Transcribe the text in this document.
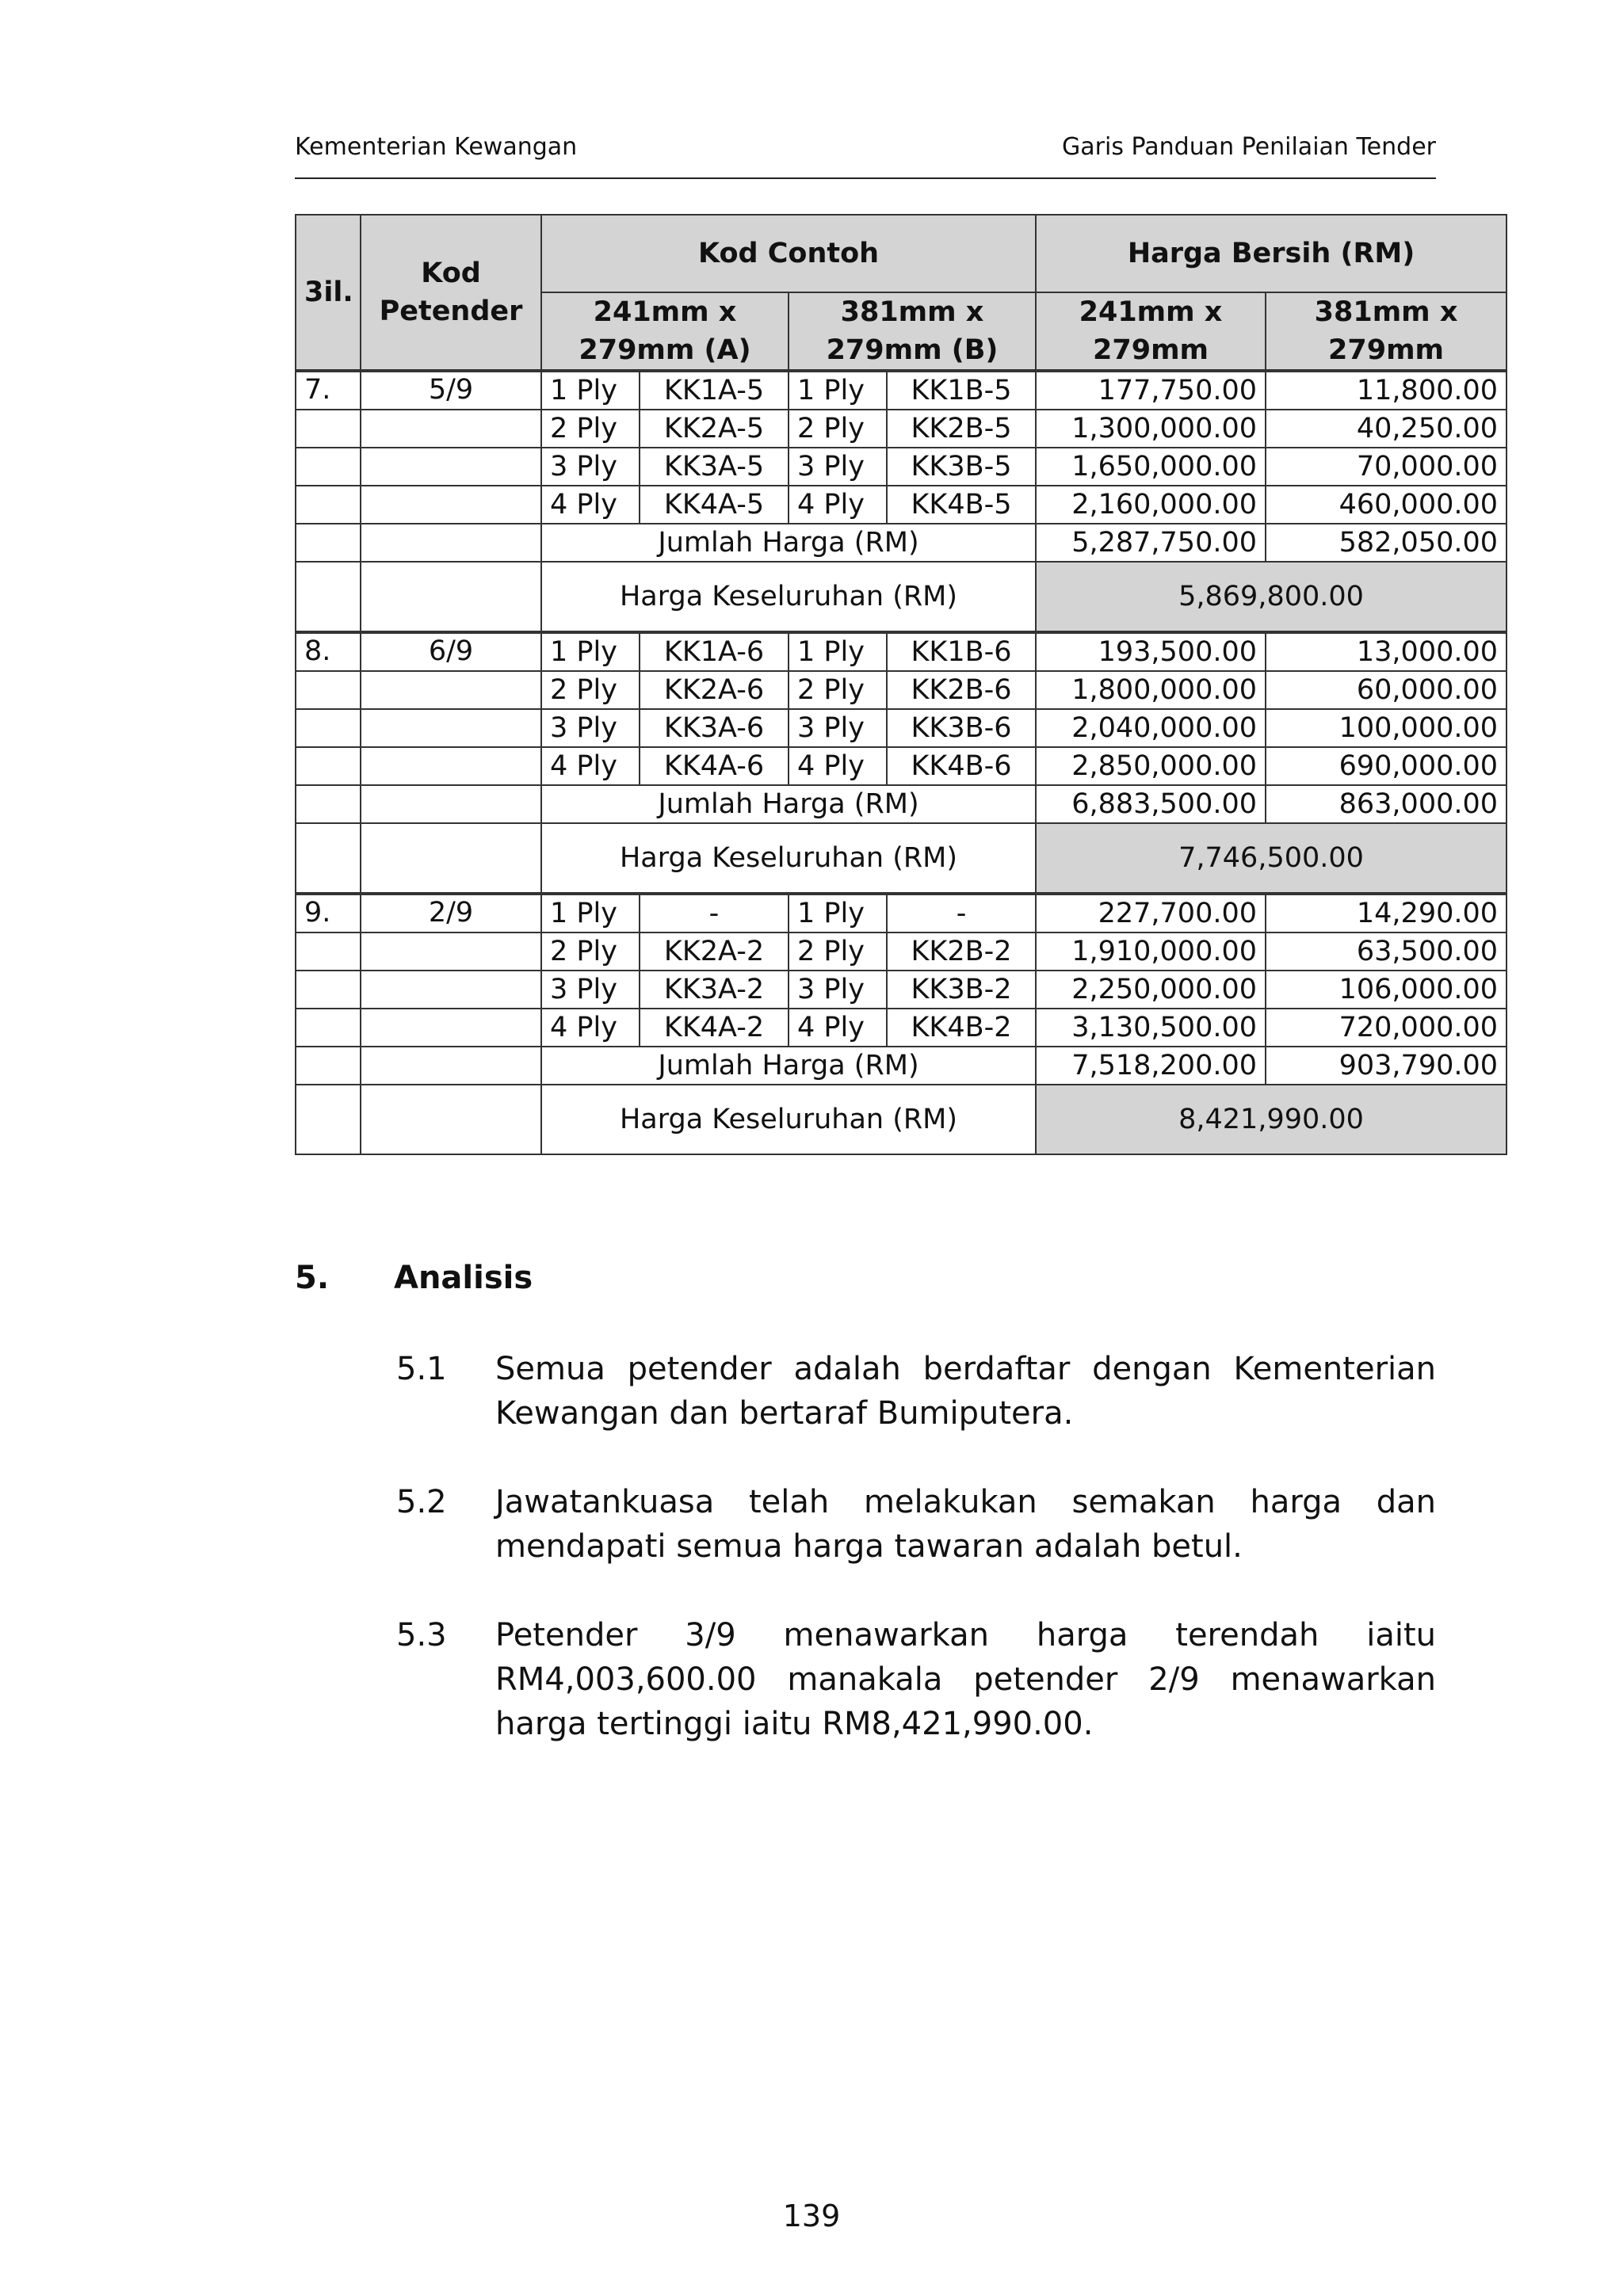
Kementerian Kewangan	Garis Panduan Penilaian Tender
3il.	Kod Petender	Kod Contoh				Harga Bersih (RM)	
		241mm x 279mm (A)		381mm x 279mm (B)		241mm x 279mm	381mm x 279mm
7.	5/9	1 Ply	KK1A-5	1 Ply	KK1B-5	177,750.00	11,800.00
		2 Ply	KK2A-5	2 Ply	KK2B-5	1,300,000.00	40,250.00
		3 Ply	KK3A-5	3 Ply	KK3B-5	1,650,000.00	70,000.00
		4 Ply	KK4A-5	4 Ply	KK4B-5	2,160,000.00	460,000.00
		Jumlah Harga (RM)				5,287,750.00	582,050.00
		Harga Keseluruhan (RM)				5,869,800.00	
8.	6/9	1 Ply	KK1A-6	1 Ply	KK1B-6	193,500.00	13,000.00
		2 Ply	KK2A-6	2 Ply	KK2B-6	1,800,000.00	60,000.00
		3 Ply	KK3A-6	3 Ply	KK3B-6	2,040,000.00	100,000.00
		4 Ply	KK4A-6	4 Ply	KK4B-6	2,850,000.00	690,000.00
		Jumlah Harga (RM)				6,883,500.00	863,000.00
		Harga Keseluruhan (RM)				7,746,500.00	
9.	2/9	1 Ply	-	1 Ply	-	227,700.00	14,290.00
		2 Ply	KK2A-2	2 Ply	KK2B-2	1,910,000.00	63,500.00
		3 Ply	KK3A-2	3 Ply	KK3B-2	2,250,000.00	106,000.00
		4 Ply	KK4A-2	4 Ply	KK4B-2	3,130,500.00	720,000.00
		Jumlah Harga (RM)				7,518,200.00	903,790.00
		Harga Keseluruhan (RM)				8,421,990.00	
5. Analisis
5.1 Semua petender adalah berdaftar dengan Kementerian Kewangan dan bertaraf Bumiputera.
5.2 Jawatankuasa telah melakukan semakan harga dan mendapati semua harga tawaran adalah betul.
5.3 Petender 3/9 menawarkan harga terendah iaitu RM4,003,600.00 manakala petender 2/9 menawarkan harga tertinggi iaitu RM8,421,990.00.
139
